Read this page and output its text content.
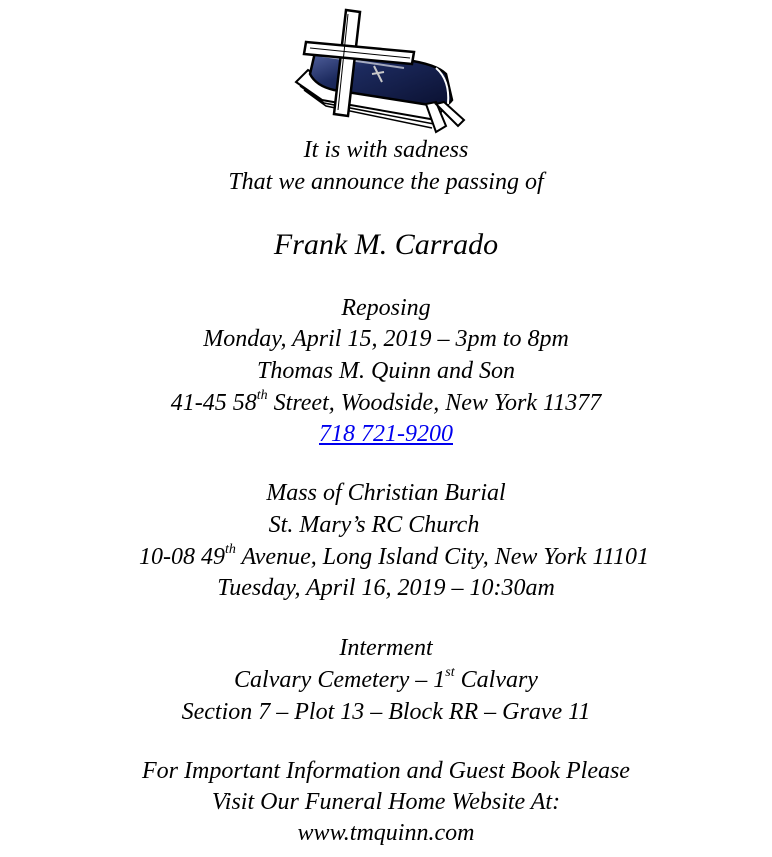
It is with sadness
That we announce the passing of
Frank M. Carrado
Reposing
Monday, April 15, 2019 – 3pm to 8pm
Thomas M. Quinn and Son
41-45 58th Street, Woodside, New York 11377
718 721-9200
Mass of Christian Burial
St. Mary’s RC Church
10-08 49th Avenue, Long Island City, New York 11101
Tuesday, April 16, 2019 – 10:30am
Interment
Calvary Cemetery – 1st Calvary
Section 7 – Plot 13 – Block RR – Grave 11
For Important Information and Guest Book Please
Visit Our Funeral Home Website At:
www.tmquinn.com
